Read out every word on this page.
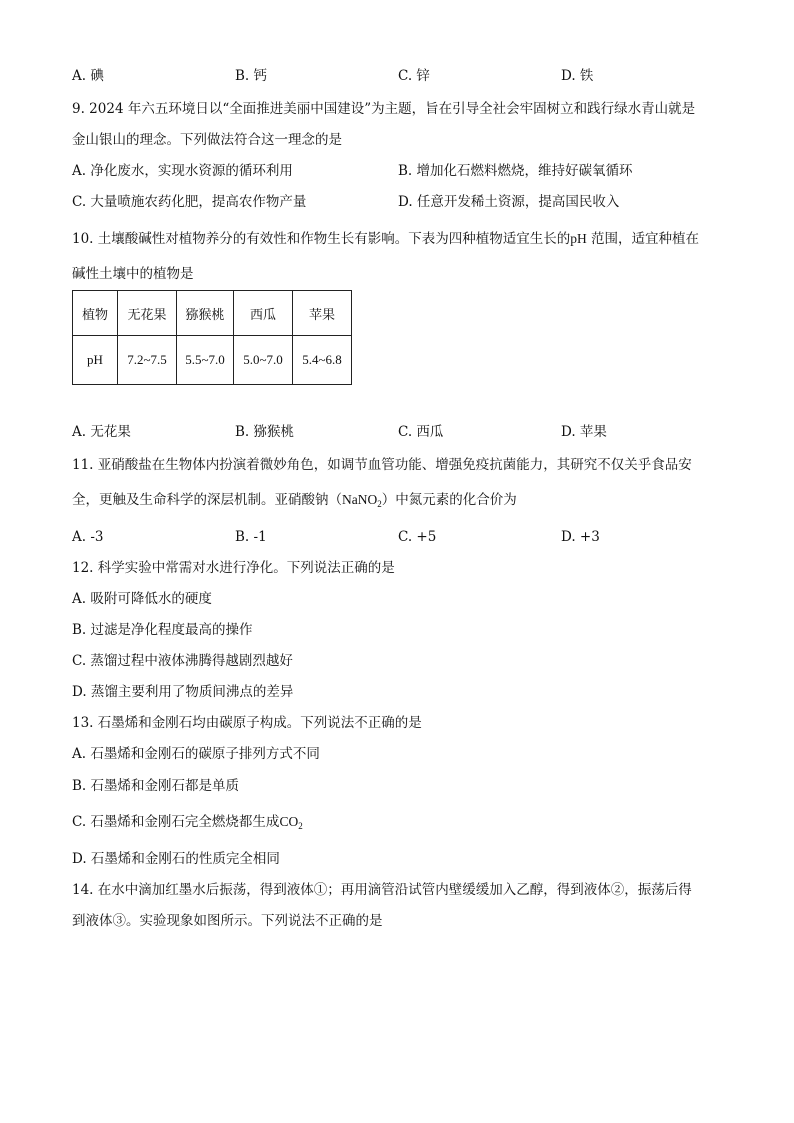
A. 碘	B. 钙	C. 锌	D. 铁
9. 2024 年六五环境日以“全面推进美丽中国建设”为主题，旨在引导全社会牢固树立和践行绿水青山就是
金山银山的理念。下列做法符合这一理念的是
A. 净化废水，实现水资源的循环利用	B. 增加化石燃料燃烧，维持好碳氧循环
C. 大量喷施农药化肥，提高农作物产量	D. 任意开发稀土资源，提高国民收入
10. 土壤酸碱性对植物养分的有效性和作物生长有影响。下表为四种植物适宜生长的pH 范围，适宜种植在
碱性土壤中的植物是
植物	无花果	猕猴桃	西瓜	苹果
pH	7.2~7.5	5.5~7.0	5.0~7.0	5.4~6.8
A. 无花果	B. 猕猴桃	C. 西瓜	D. 苹果
11. 亚硝酸盐在生物体内扮演着微妙角色，如调节血管功能、增强免疫抗菌能力，其研究不仅关乎食品安
全，更触及生命科学的深层机制。亚硝酸钠（NaNO$_2$）中氮元素的化合价为
A. -3	B. -1	C. +5	D. +3
12. 科学实验中常需对水进行净化。下列说法正确的是
A. 吸附可降低水的硬度
B. 过滤是净化程度最高的操作
C. 蒸馏过程中液体沸腾得越剧烈越好
D. 蒸馏主要利用了物质间沸点的差异
13. 石墨烯和金刚石均由碳原子构成。下列说法不正确的是
A. 石墨烯和金刚石的碳原子排列方式不同
B. 石墨烯和金刚石都是单质
C. 石墨烯和金刚石完全燃烧都生成$CO_2$
D. 石墨烯和金刚石的性质完全相同
14. 在水中滴加红墨水后振荡，得到液体①；再用滴管沿试管内壁缓缓加入乙醇，得到液体②，振荡后得
到液体③。实验现象如图所示。下列说法不正确的是
